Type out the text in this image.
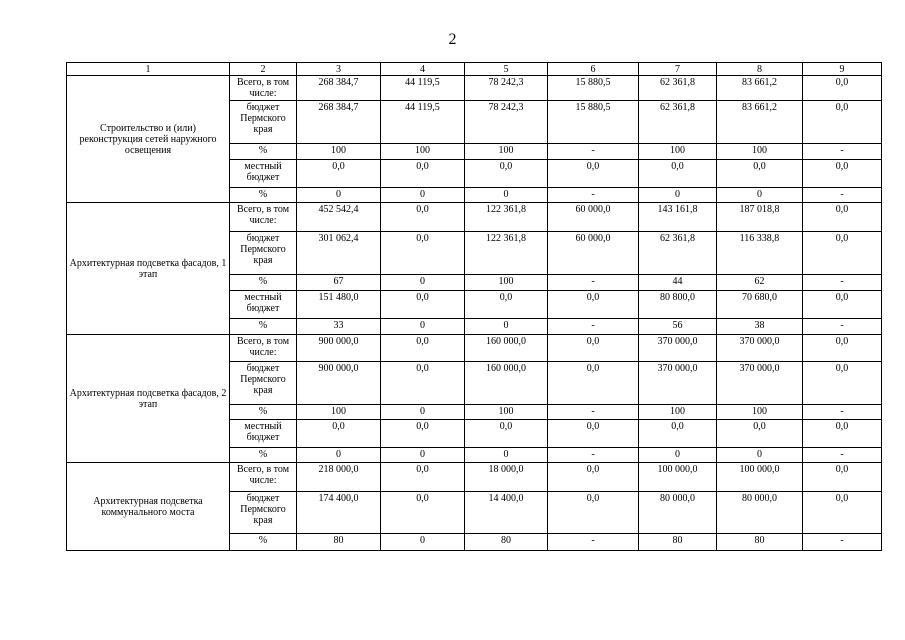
2
1	2	3	4	5	6	7	8	9
Строительство и (или) реконструкция сетей наружного освещения	Всего, в том числе:	268 384,7	44 119,5	78 242,3	15 880,5	62 361,8	83 661,2	0,0
	бюджет Пермского края	268 384,7	44 119,5	78 242,3	15 880,5	62 361,8	83 661,2	0,0
	%	100	100	100	-	100	100	-
	местный бюджет	0,0	0,0	0,0	0,0	0,0	0,0	0,0
	%	0	0	0	-	0	0	-
Архитектурная подсветка фасадов, 1 этап	Всего, в том числе:	452 542,4	0,0	122 361,8	60 000,0	143 161,8	187 018,8	0,0
	бюджет Пермского края	301 062,4	0,0	122 361,8	60 000,0	62 361,8	116 338,8	0,0
	%	67	0	100	-	44	62	-
	местный бюджет	151 480,0	0,0	0,0	0,0	80 800,0	70 680,0	0,0
	%	33	0	0	-	56	38	-
Архитектурная подсветка фасадов, 2 этап	Всего, в том числе:	900 000,0	0,0	160 000,0	0,0	370 000,0	370 000,0	0,0
	бюджет Пермского края	900 000,0	0,0	160 000,0	0,0	370 000,0	370 000,0	0,0
	%	100	0	100	-	100	100	-
	местный бюджет	0,0	0,0	0,0	0,0	0,0	0,0	0,0
	%	0	0	0	-	0	0	-
Архитектурная подсветка коммунального моста	Всего, в том числе:	218 000,0	0,0	18 000,0	0,0	100 000,0	100 000,0	0,0
	бюджет Пермского края	174 400,0	0,0	14 400,0	0,0	80 000,0	80 000,0	0,0
	%	80	0	80	-	80	80	-
